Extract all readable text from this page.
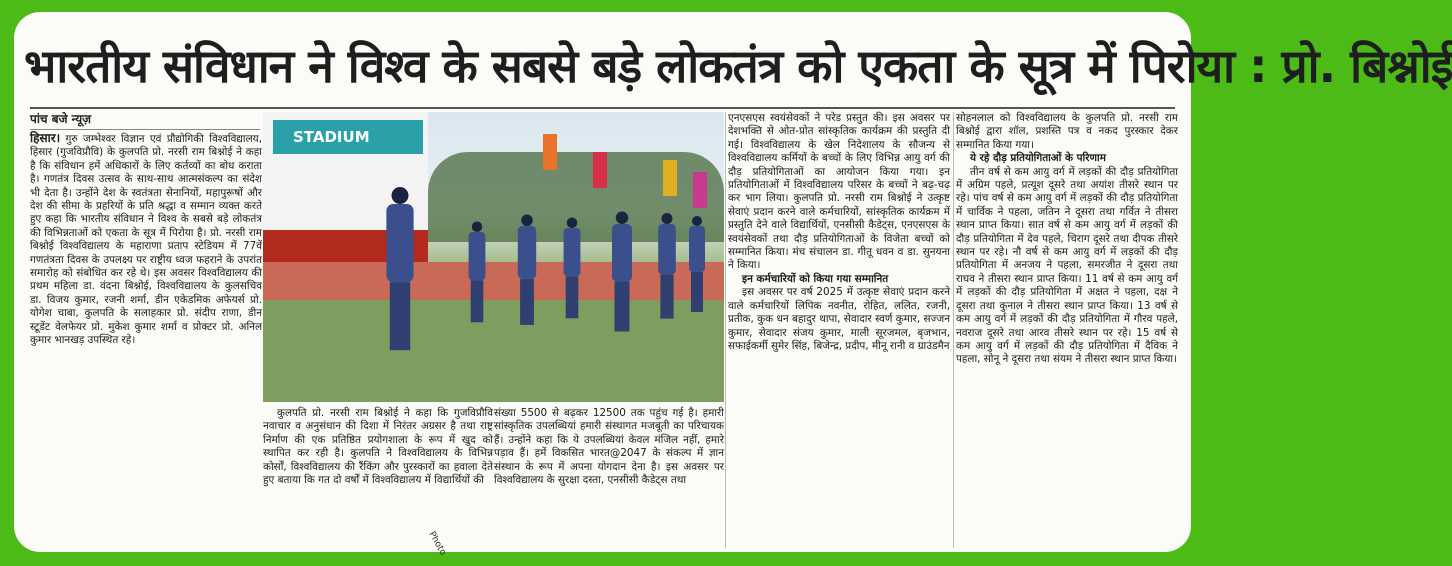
भारतीय संविधान ने विश्व के सबसे बड़े लोकतंत्र को एकता के सूत्र में पिरोया : प्रो. बिश्नोई
पांच बजे न्यूज़

हिसार। गुरु जम्भेश्वर विज्ञान एवं प्रौद्योगिकी विश्वविद्यालय, हिसार (गुजविप्रौवि) के कुलपति प्रो. नरसी राम बिश्नोई ने कहा है कि संविधान हमें अधिकारों के लिए कर्तव्यों का बोध कराता है। गणतंत्र दिवस उत्सव के साथ-साथ आत्मसंकल्प का संदेश भी देता है। उन्होंने देश के स्वतंत्रता सेनानियों, महापुरूषों और देश की सीमा के प्रहरियों के प्रति श्रद्धा व सम्मान व्यक्त करते हुए कहा कि भारतीय संविधान ने विश्व के सबसे बड़े लोकतंत्र की विभिन्नताओं को एकता के सूत्र में पिरोया है। प्रो. नरसी राम बिश्नोई विश्वविद्यालय के महाराणा प्रताप स्टेडियम में 77वें गणतंत्रता दिवस के उपलक्ष्य पर राष्ट्रीय ध्वज फहराने के उपरांत समारोह को संबोधित कर रहे थे। इस अवसर विश्वविद्यालय की प्रथम महिला डा. वंदना बिश्नोई, विश्वविद्यालय के कुलसचिव डा. विजय कुमार, रजनी शर्मा, डीन एकेडमिक अफेयर्स प्रो. योगेश चाबा, कुलपति के सलाहकार प्रो. संदीप राणा, डीन स्टूडेंट वेलफेयर प्रो. मुकेश कुमार शर्मा व प्रोक्टर प्रो. अनिल कुमार भानखड़ उपस्थित रहे।

STADIUM

कुलपति प्रो. नरसी राम बिश्नोई ने कहा कि गुजविप्रौवि नवाचार व अनुसंधान की दिशा में निरंतर अग्रसर है तथा राष्ट्र निर्माण की एक प्रतिष्ठित प्रयोगशाला के रूप में खुद को स्थापित कर रही है। कुलपति ने विश्वविद्यालय के विभिन्न कोर्सों, विश्वविद्यालय की रैंकिंग और पुरस्कारों का हवाला देते हुए बताया कि गत दो वर्षों में विश्वविद्यालय में विद्यार्थियों की

संख्या 5500 से बढ़कर 12500 तक पहुंच गई है। हमारी सांस्कृतिक उपलब्धियां हमारी संस्थागत मजबूती का परिचायक हैं। उन्होंने कहा कि ये उपलब्धियां केवल मंजिल नहीं, हमारे पड़ाव हैं। हमें विकसित भारत@2047 के संकल्प में ज्ञान संस्थान के रूप में अपना योगदान देना है। इस अवसर पर विश्वविद्यालय के सुरक्षा दस्ता, एनसीसी कैडेट्स तथा

एनएसएस स्वयंसेवकों ने परेड प्रस्तुत की। इस अवसर पर देशभक्ति से ओत-प्रोत सांस्कृतिक कार्यक्रम की प्रस्तुति दी गई। विश्वविद्यालय के खेल निदेशालय के सौजन्य से विश्वविद्यालय कर्मियों के बच्चों के लिए विभिन्न आयु वर्ग की दौड़ प्रतियोगिताओं का आयोजन किया गया। इन प्रतियोगिताओं में विश्वविद्यालय परिसर के बच्चों ने बढ़-चढ़ कर भाग लिया। कुलपति प्रो. नरसी राम बिश्नोई ने उत्कृष्ट सेवाएं प्रदान करने वाले कर्मचारियों, सांस्कृतिक कार्यक्रम में प्रस्तुति देने वाले विद्यार्थियों, एनसीसी कैडेट्स, एनएसएस के स्वयंसेवकों तथा दौड़ प्रतियोगिताओं के विजेता बच्चों को सम्मानित किया। मंच संचालन डा. गीतू धवन व डा. सुनयना ने किया।

इन कर्मचारियों को किया गया सम्मानित

इस अवसर पर वर्ष 2025 में उत्कृष्ट सेवाएं प्रदान करने वाले कर्मचारियों लिपिक नवनीत, रोहित, ललित, रजनी, प्रतीक, कुक धन बहादुर थापा, सेवादार स्वर्ण कुमार, सज्जन कुमार, सेवादार संजय कुमार, माली सूरजमल, बृजभान, सफाईकर्मी सुमेर सिंह, बिजेन्द्र, प्रदीप, मीनू रानी व ग्राउंडमैन

सोहनलाल को विश्वविद्यालय के कुलपति प्रो. नरसी राम बिश्नोई द्वारा शॉल, प्रशस्ति पत्र व नकद पुरस्कार देकर सम्मानित किया गया।

ये रहे दौड़ प्रतियोगिताओं के परिणाम

तीन वर्ष से कम आयु वर्ग में लड़कों की दौड़ प्रतियोगिता में अग्रिम पहले, प्रत्यूश दूसरे तथा अयांश तीसरे स्थान पर रहे। पांच वर्ष से कम आयु वर्ग में लड़कों की दौड़ प्रतियोगिता में चार्विक ने पहला, जतिन ने दूसरा तथा गर्वित ने तीसरा स्थान प्राप्त किया। सात वर्ष से कम आयु वर्ग में लड़कों की दौड़ प्रतियोगिता में देव पहले, चिराग दूसरे तथा दीपक तीसरे स्थान पर रहे। नौ वर्ष से कम आयु वर्ग में लड़कों की दौड़ प्रतियोगिता में अनजय ने पहला, समरजीत ने दूसरा तथा राघव ने तीसरा स्थान प्राप्त किया। 11 वर्ष से कम आयु वर्ग में लड़कों की दौड़ प्रतियोगिता में अक्षत ने पहला, दक्ष ने दूसरा तथा कुनाल ने तीसरा स्थान प्राप्त किया। 13 वर्ष से कम आयु वर्ग में लड़कों की दौड़ प्रतियोगिता में गौरव पहले, नवराज दूसरे तथा आरव तीसरे स्थान पर रहे। 15 वर्ष से कम आयु वर्ग में लड़कों की दौड़ प्रतियोगिता में दैविक ने पहला, सोनू ने दूसरा तथा संयम ने तीसरा स्थान प्राप्त किया।

Photo
